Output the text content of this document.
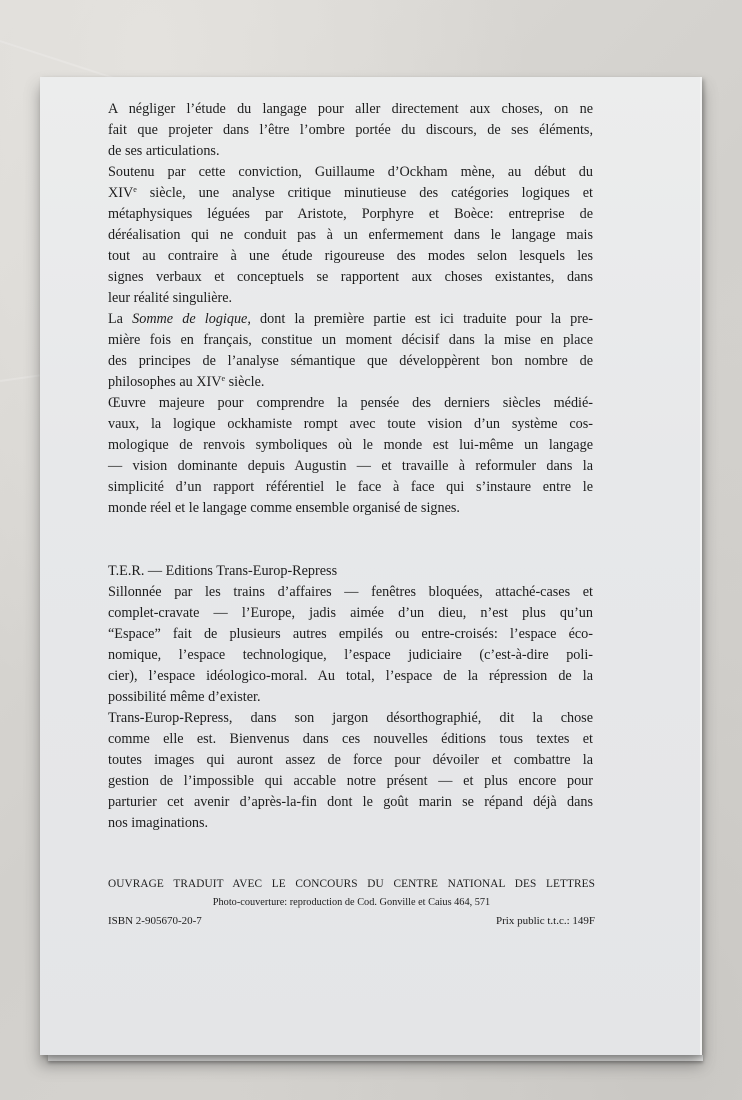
A négliger l’étude du langage pour aller directement aux choses, on ne
fait que projeter dans l’être l’ombre portée du discours, de ses éléments,
de ses articulations.

Soutenu par cette conviction, Guillaume d’Ockham mène, au début du
XIVe siècle, une analyse critique minutieuse des catégories logiques et
métaphysiques léguées par Aristote, Porphyre et Boèce: entreprise de
déréalisation qui ne conduit pas à un enfermement dans le langage mais
tout au contraire à une étude rigoureuse des modes selon lesquels les
signes verbaux et conceptuels se rapportent aux choses existantes, dans
leur réalité singulière.

La Somme de logique, dont la première partie est ici traduite pour la pre-
mière fois en français, constitue un moment décisif dans la mise en place
des principes de l’analyse sémantique que développèrent bon nombre de
philosophes au XIVe siècle.

Œuvre majeure pour comprendre la pensée des derniers siècles médié-
vaux, la logique ockhamiste rompt avec toute vision d’un système cos-
mologique de renvois symboliques où le monde est lui-même un langage
— vision dominante depuis Augustin — et travaille à reformuler dans la
simplicité d’un rapport référentiel le face à face qui s’instaure entre le
monde réel et le langage comme ensemble organisé de signes.

T.E.R. — Editions Trans-Europ-Repress

Sillonnée par les trains d’affaires — fenêtres bloquées, attaché-cases et
complet-cravate — l’Europe, jadis aimée d’un dieu, n’est plus qu’un
“Espace” fait de plusieurs autres empilés ou entre-croisés: l’espace éco-
nomique, l’espace technologique, l’espace judiciaire (c’est-à-dire poli-
cier), l’espace idéologico-moral. Au total, l’espace de la répression de la
possibilité même d’exister.

Trans-Europ-Repress, dans son jargon désorthographié, dit la chose
comme elle est. Bienvenus dans ces nouvelles éditions tous textes et
toutes images qui auront assez de force pour dévoiler et combattre la
gestion de l’impossible qui accable notre présent — et plus encore pour
parturier cet avenir d’après-la-fin dont le goût marin se répand déjà dans
nos imaginations.

OUVRAGE TRADUIT AVEC LE CONCOURS DU CENTRE NATIONAL DES LETTRES
Photo-couverture: reproduction de Cod. Gonville et Caius 464, 571
ISBN 2-905670-20-7	Prix public t.t.c.: 149F
